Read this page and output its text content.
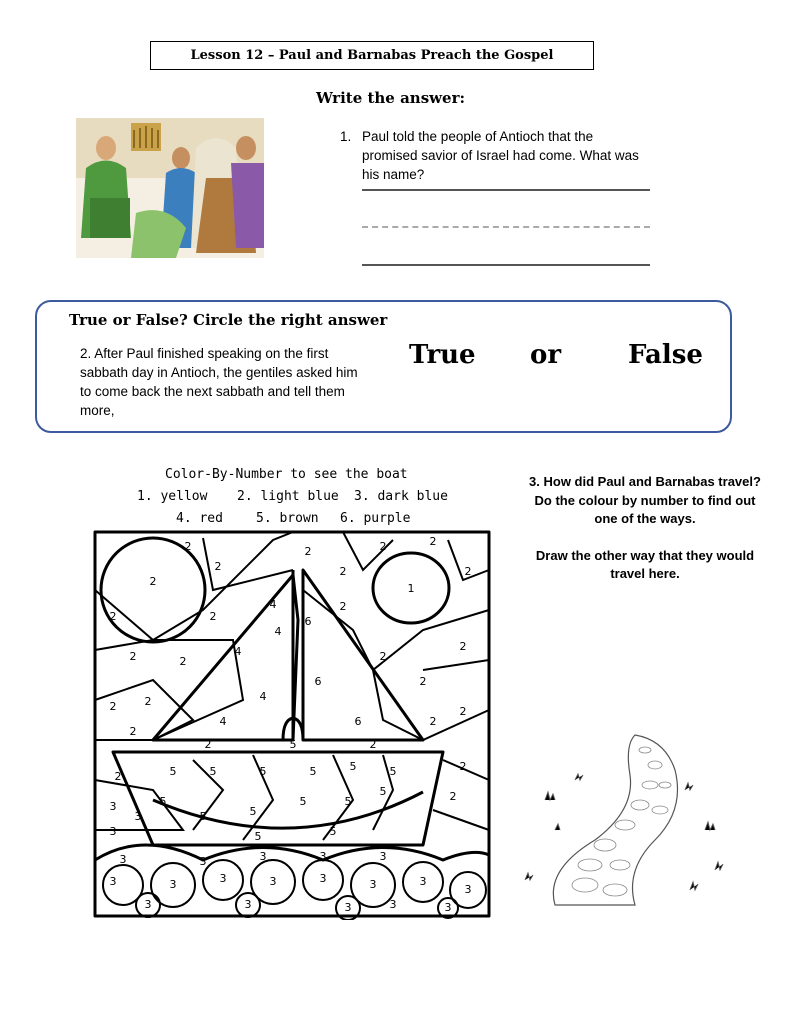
Lesson 12 – Paul and Barnabas Preach the Gospel
Write the answer:
1. Paul told the people of Antioch that the promised savior of Israel had come. What was his name?
True or False? Circle the right answer
2. After Paul finished speaking on the first sabbath day in Antioch, the gentiles asked him to come back the next sabbath and tell them more,
True or	False
Color-By-Number to see the boat
1. yellow 2. light blue 3. dark blue
4. red	5. brown 6. purple
1
2
2
2
2
2
2	2
2
2
2	2
2	2
2	2
2
2
2
2
2
2
2	2
2
2
2
4
4
4
4
4
6
6
6
5
5	5	5	5	5	5
5
5	5
5	5
5
5	5
3
3
3
3	3	3	3	3
3	3	3	3	3	3	3
3
3	3	3	3	3

3. How did Paul and Barnabas travel? Do the colour by number to find out one of the ways.

Draw the other way that they would travel here.
